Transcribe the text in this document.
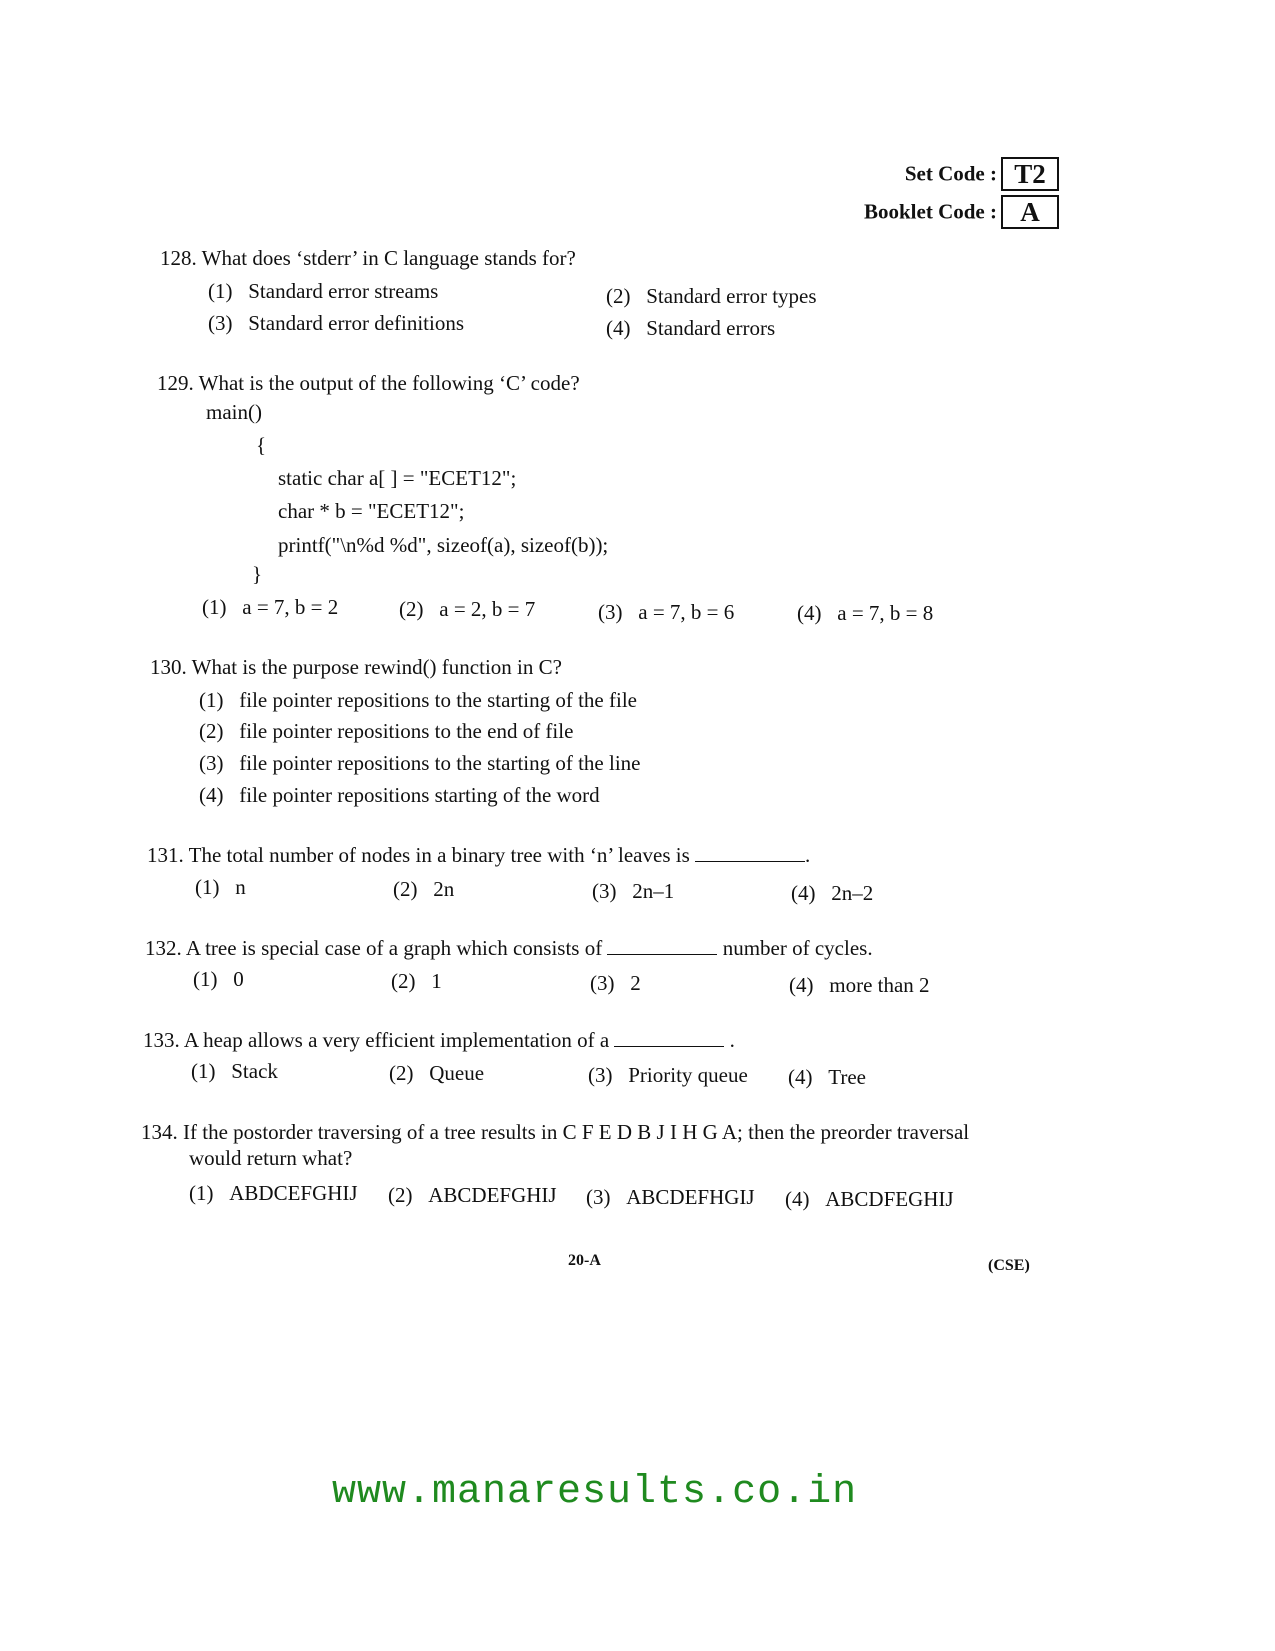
Set Code : T2
Booklet Code : A
128. What does ‘stderr’ in C language stands for?
(1) Standard error streams	(2) Standard error types
(3) Standard error definitions	(4) Standard errors
129. What is the output of the following ‘C’ code?
main()
{
static char a[ ] = "ECET12";
char * b = "ECET12";
printf("\n%d %d", sizeof(a), sizeof(b));
}
(1) a = 7, b = 2	(2) a = 2, b = 7	(3) a = 7, b = 6	(4) a = 7, b = 8
130. What is the purpose rewind() function in C?
(1) file pointer repositions to the starting of the file
(2) file pointer repositions to the end of file
(3) file pointer repositions to the starting of the line
(4) file pointer repositions starting of the word
131. The total number of nodes in a binary tree with ‘n’ leaves is	.
(1) n	(2) 2n	(3) 2n–1	(4) 2n–2
132. A tree is special case of a graph which consists of	number of cycles.
(1) 0	(2) 1	(3) 2	(4) more than 2
133. A heap allows a very efficient implementation of a	.
(1) Stack	(2) Queue	(3) Priority queue (4) Tree
134. If the postorder traversing of a tree results in C F E D B J I H G A; then the preorder traversal
would return what?
(1) ABDCEFGHIJ (2) ABCDEFGHIJ (3) ABCDEFHGIJ (4) ABCDFEGHIJ
20-A	(CSE)
www.manaresults.co.in
